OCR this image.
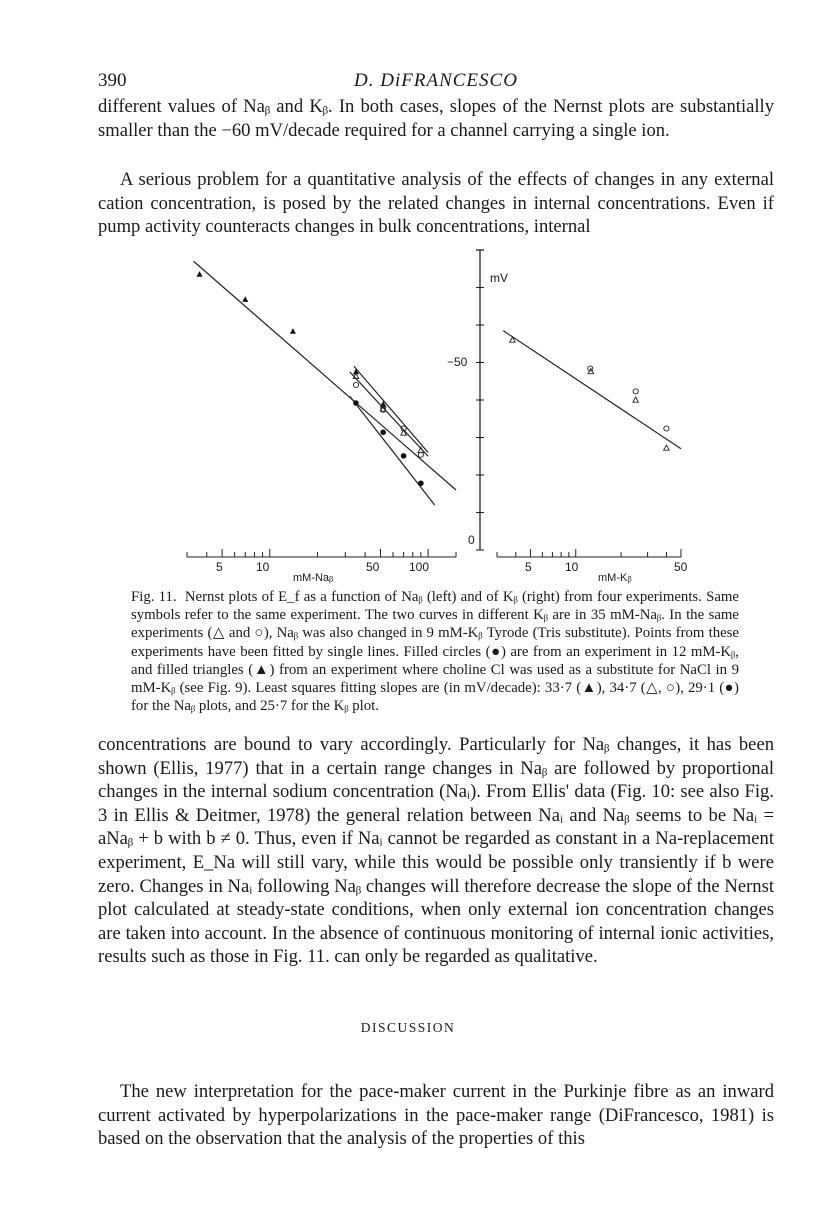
390	D. DiFRANCESCO

different values of Naᵦ and Kᵦ. In both cases, slopes of the Nernst plots are substantially smaller than the −60 mV/decade required for a channel carrying a single ion.

A serious problem for a quantitative analysis of the effects of changes in any external cation concentration, is posed by the related changes in internal concentrations. Even if pump activity counteracts changes in bulk concentrations, internal

mV
−50
0
5	10	50 100
mM-Naᵦ
5	10	50
mM-Kᵦ

Fig. 11. Nernst plots of E_f as a function of Naᵦ (left) and of Kᵦ (right) from four experiments. Same symbols refer to the same experiment. The two curves in different Kᵦ are in 35 mM-Naᵦ. In the same experiments (△ and ○), Naᵦ was also changed in 9 mM-Kᵦ Tyrode (Tris substitute). Points from these experiments have been fitted by single lines. Filled circles (●) are from an experiment in 12 mM-Kᵦ, and filled triangles (▲) from an experiment where choline Cl was used as a substitute for NaCl in 9 mM-Kᵦ (see Fig. 9). Least squares fitting slopes are (in mV/decade): 33·7 (▲), 34·7 (△, ○), 29·1 (●) for the Naᵦ plots, and 25·7 for the Kᵦ plot.

concentrations are bound to vary accordingly. Particularly for Naᵦ changes, it has been shown (Ellis, 1977) that in a certain range changes in Naᵦ are followed by proportional changes in the internal sodium concentration (Naᵢ). From Ellis' data (Fig. 10: see also Fig. 3 in Ellis & Deitmer, 1978) the general relation between Naᵢ and Naᵦ seems to be Naᵢ = aNaᵦ + b with b ≠ 0. Thus, even if Naᵢ cannot be regarded as constant in a Na-replacement experiment, E_Na will still vary, while this would be possible only transiently if b were zero. Changes in Naᵢ following Naᵦ changes will therefore decrease the slope of the Nernst plot calculated at steady-state conditions, when only external ion concentration changes are taken into account. In the absence of continuous monitoring of internal ionic activities, results such as those in Fig. 11. can only be regarded as qualitative.

DISCUSSION

The new interpretation for the pace-maker current in the Purkinje fibre as an inward current activated by hyperpolarizations in the pace-maker range (DiFrancesco, 1981) is based on the observation that the analysis of the properties of this
